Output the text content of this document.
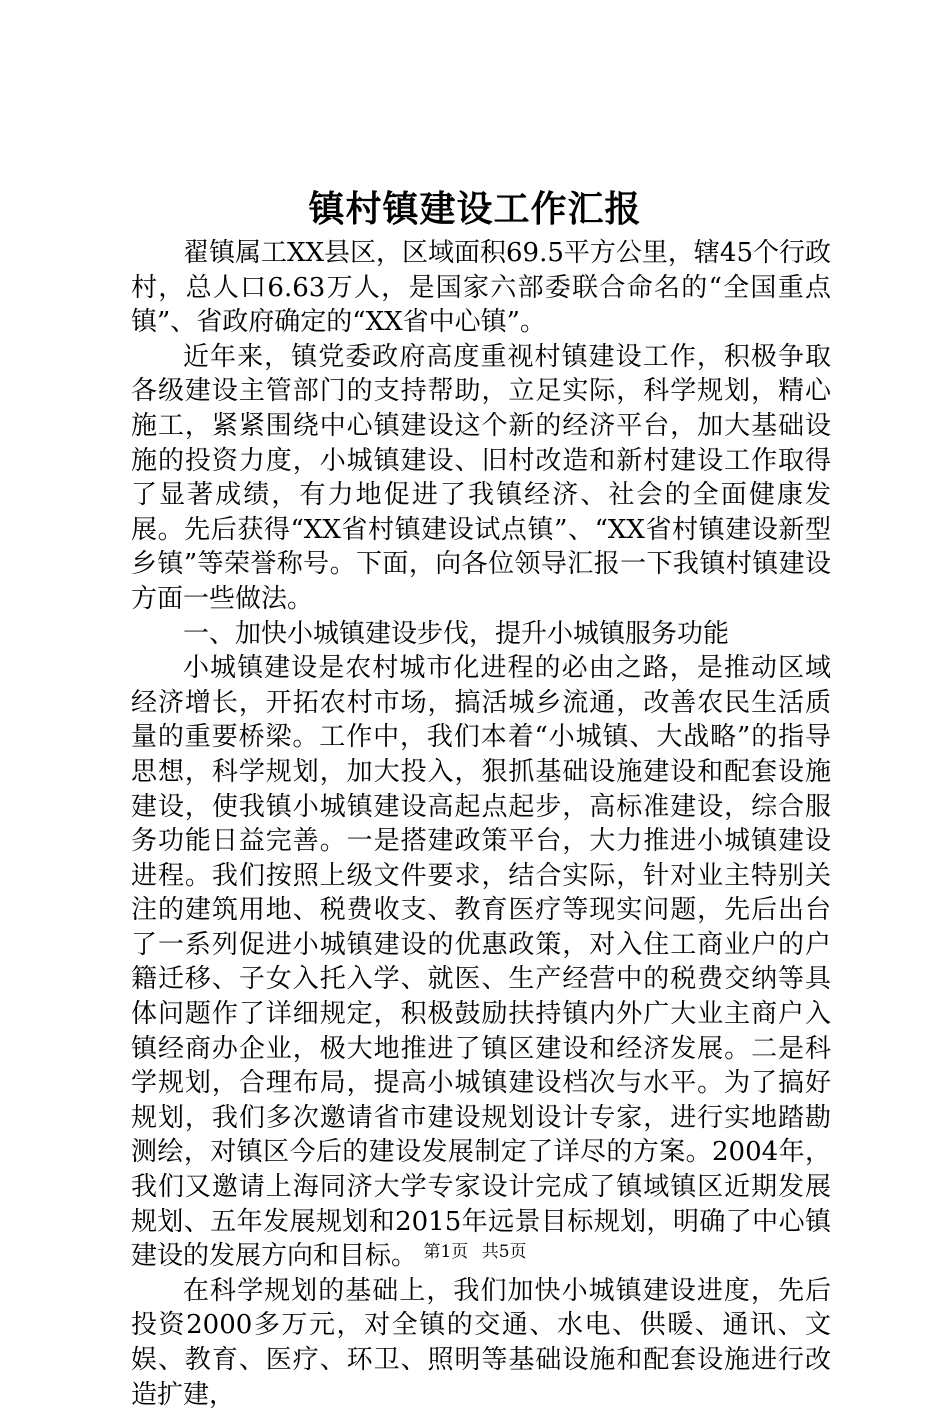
镇村镇建设工作汇报

翟镇属工XX县区，区域面积69.5平方公里，辖45个行政村，总人口6.63万人，是国家六部委联合命名的“全国重点镇”、省政府确定的“XX省中心镇”。

近年来，镇党委政府高度重视村镇建设工作，积极争取各级建设主管部门的支持帮助，立足实际，科学规划，精心施工，紧紧围绕中心镇建设这个新的经济平台，加大基础设施的投资力度，小城镇建设、旧村改造和新村建设工作取得了显著成绩，有力地促进了我镇经济、社会的全面健康发展。先后获得“XX省村镇建设试点镇”、“XX省村镇建设新型乡镇”等荣誉称号。下面，向各位领导汇报一下我镇村镇建设方面一些做法。

一、加快小城镇建设步伐，提升小城镇服务功能

小城镇建设是农村城市化进程的必由之路，是推动区域经济增长，开拓农村市场，搞活城乡流通，改善农民生活质量的重要桥梁。工作中，我们本着“小城镇、大战略”的指导思想，科学规划，加大投入，狠抓基础设施建设和配套设施建设，使我镇小城镇建设高起点起步，高标准建设，综合服务功能日益完善。一是搭建政策平台，大力推进小城镇建设进程。我们按照上级文件要求，结合实际，针对业主特别关注的建筑用地、税费收支、教育医疗等现实问题，先后出台了一系列促进小城镇建设的优惠政策，对入住工商业户的户籍迁移、子女入托入学、就医、生产经营中的税费交纳等具体问题作了详细规定，积极鼓励扶持镇内外广大业主商户入镇经商办企业，极大地推进了镇区建设和经济发展。二是科学规划，合理布局，提高小城镇建设档次与水平。为了搞好规划，我们多次邀请省市建设规划设计专家，进行实地踏勘测绘，对镇区今后的建设发展制定了详尽的方案。2004年，我们又邀请上海同济大学专家设计完成了镇域镇区近期发展规划、五年发展规划和2015年远景目标规划，明确了中心镇建设的发展方向和目标。

在科学规划的基础上，我们加快小城镇建设进度，先后投资2000多万元，对全镇的交通、水电、供暖、通讯、文娱、教育、医疗、环卫、照明等基础设施和配套设施进行改造扩建，

第1页 共5页
